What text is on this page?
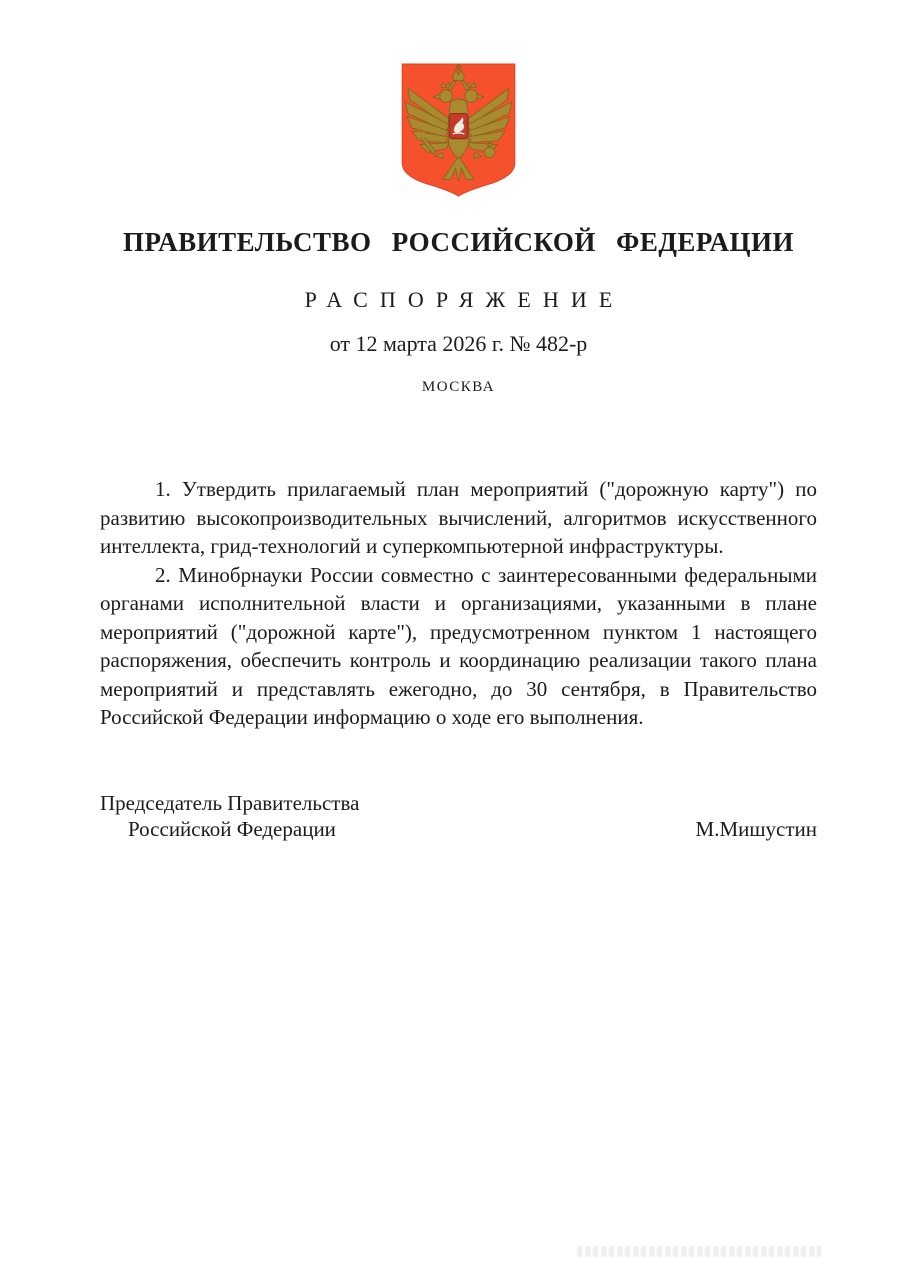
ПРАВИТЕЛЬСТВО РОССИЙСКОЙ ФЕДЕРАЦИИ
РАСПОРЯЖЕНИЕ
от 12 марта 2026 г. № 482-р
МОСКВА

1. Утвердить прилагаемый план мероприятий ("дорожную карту") по развитию высокопроизводительных вычислений, алгоритмов искусственного интеллекта, грид-технологий и суперкомпьютерной инфраструктуры.

2. Минобрнауки России совместно с заинтересованными федеральными органами исполнительной власти и организациями, указанными в плане мероприятий ("дорожной карте"), предусмотренном пунктом 1 настоящего распоряжения, обеспечить контроль и координацию реализации такого плана мероприятий и представлять ежегодно, до 30 сентября, в Правительство Российской Федерации информацию о ходе его выполнения.

Председатель Правительства
Российской Федерации	М.Мишустин
